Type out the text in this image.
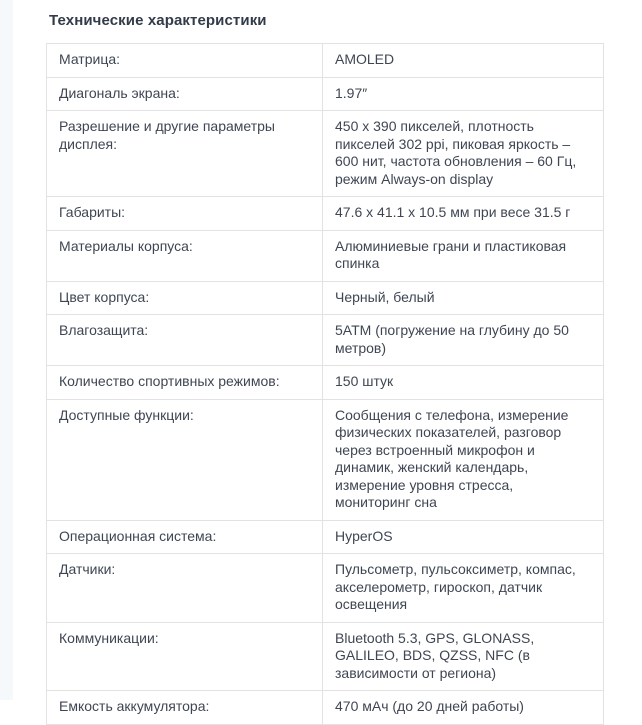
Технические характеристики
Матрица:	AMOLED
Диагональ экрана:	1.97″
Разрешение и другие параметры дисплея:	450 х 390 пикселей, плотность пикселей 302 ppi, пиковая яркость – 600 нит, частота обновления – 60 Гц, режим Always-on display
Габариты:	47.6 х 41.1 х 10.5 мм при весе 31.5 г
Материалы корпуса:	Алюминиевые грани и пластиковая спинка
Цвет корпуса:	Черный, белый
Влагозащита:	5ATM (погружение на глубину до 50 метров)
Количество спортивных режимов:	150 штук
Доступные функции:	Сообщения с телефона, измерение физических показателей, разговор через встроенный микрофон и динамик, женский календарь, измерение уровня стресса, мониторинг сна
Операционная система:	HyperOS
Датчики:	Пульсометр, пульсоксиметр, компас, акселерометр, гироскоп, датчик освещения
Коммуникации:	Bluetooth 5.3, GPS, GLONASS, GALILEO, BDS, QZSS, NFC (в зависимости от региона)
Емкость аккумулятора:	470 мАч (до 20 дней работы)
